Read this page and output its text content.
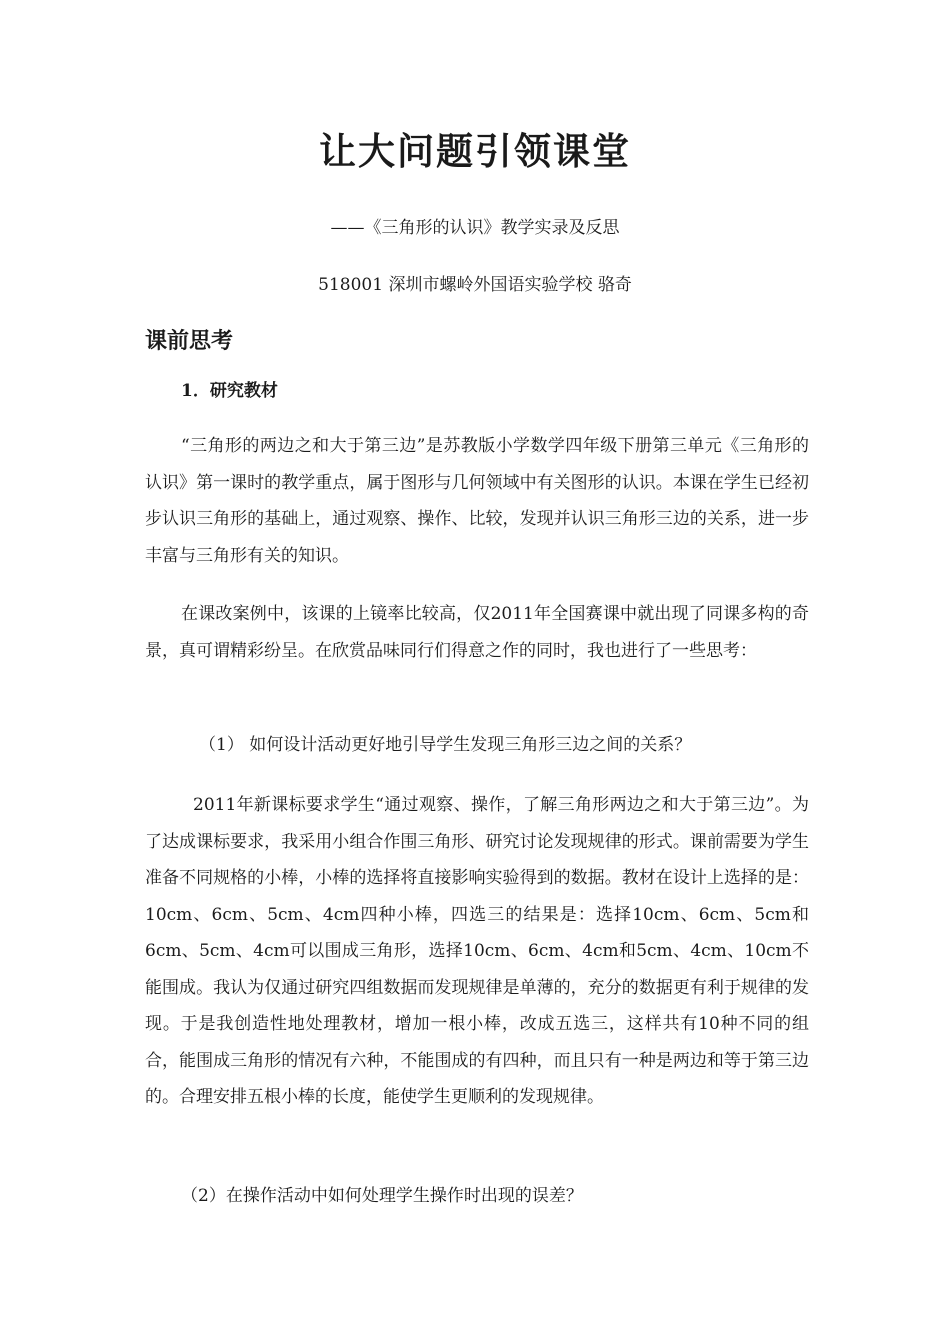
让大问题引领课堂
——《三角形的认识》教学实录及反思
518001 深圳市螺岭外国语实验学校 骆奇
课前思考
1．研究教材

“三角形的两边之和大于第三边”是苏教版小学数学四年级下册第三单元《三角形的认识》第一课时的教学重点，属于图形与几何领域中有关图形的认识。本课在学生已经初步认识三角形的基础上，通过观察、操作、比较，发现并认识三角形三边的关系，进一步丰富与三角形有关的知识。

在课改案例中，该课的上镜率比较高，仅2011年全国赛课中就出现了同课多构的奇景，真可谓精彩纷呈。在欣赏品味同行们得意之作的同时，我也进行了一些思考：

（1） 如何设计活动更好地引导学生发现三角形三边之间的关系？

2011年新课标要求学生“通过观察、操作，了解三角形两边之和大于第三边”。为了达成课标要求，我采用小组合作围三角形、研究讨论发现规律的形式。课前需要为学生准备不同规格的小棒，小棒的选择将直接影响实验得到的数据。教材在设计上选择的是：10cm、6cm、5cm、4cm四种小棒，四选三的结果是：选择10cm、6cm、5cm和6cm、5cm、4cm可以围成三角形，选择10cm、6cm、4cm和5cm、4cm、10cm不能围成。我认为仅通过研究四组数据而发现规律是单薄的，充分的数据更有利于规律的发现。于是我创造性地处理教材，增加一根小棒，改成五选三，这样共有10种不同的组合，能围成三角形的情况有六种，不能围成的有四种，而且只有一种是两边和等于第三边的。合理安排五根小棒的长度，能使学生更顺利的发现规律。

（2）在操作活动中如何处理学生操作时出现的误差？
